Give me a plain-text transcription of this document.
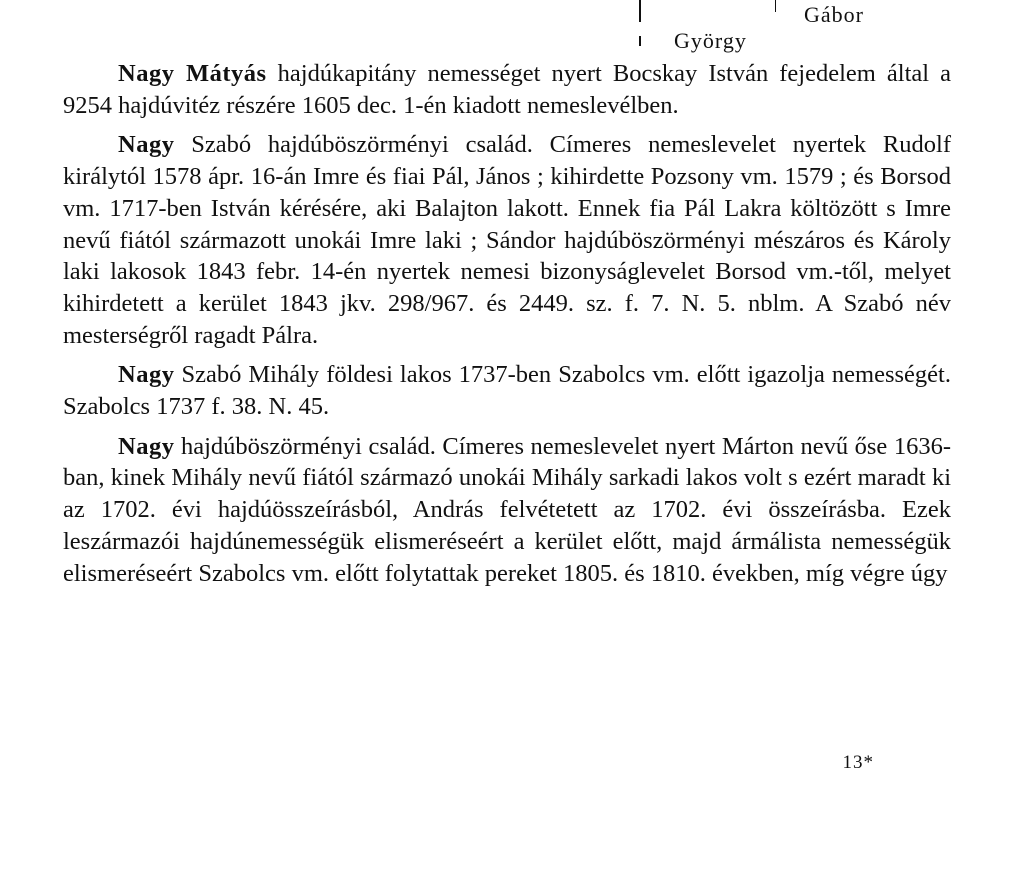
Gábor
György

Nagy Mátyás hajdúkapitány nemességet nyert Bocskay István fejedelem által a 9254 hajdúvitéz részére 1605 dec. 1-én kiadott nemeslevélben.

Nagy Szabó hajdúböszörményi család. Címeres nemeslevelet nyertek Rudolf királytól 1578 ápr. 16-án Imre és fiai Pál, János ; kihirdette Pozsony vm. 1579 ; és Borsod vm. 1717-ben István kérésére, aki Balajton lakott. Ennek fia Pál Lakra költözött s Imre nevű fiától származott unokái Imre laki ; Sándor hajdúböszörményi mészáros és Károly laki lakosok 1843 febr. 14-én nyertek nemesi bizonyságlevelet Borsod vm.-től, melyet kihirdetett a kerület 1843 jkv. 298/967. és 2449. sz. f. 7. N. 5. nblm. A Szabó név mesterségről ragadt Pálra.

Nagy Szabó Mihály földesi lakos 1737-ben Szabolcs vm. előtt igazolja nemességét. Szabolcs 1737 f. 38. N. 45.

Nagy hajdúböszörményi család. Címeres nemeslevelet nyert Márton nevű őse 1636-ban, kinek Mihály nevű fiától származó unokái Mihály sarkadi lakos volt s ezért maradt ki az 1702. évi hajdúösszeírásból, András felvétetett az 1702. évi összeírásba. Ezek leszármazói hajdúnemességük elismeréseért a kerület előtt, majd ármálista nemességük elismeréseért Szabolcs vm. előtt folytattak pereket 1805. és 1810. években, míg végre úgy

13*
